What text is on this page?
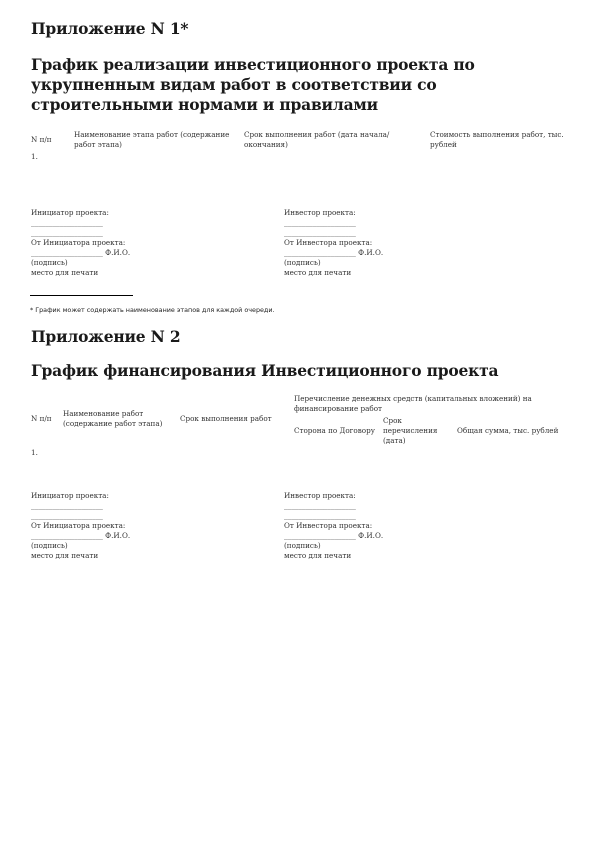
Приложение N 1*
График реализации инвестиционного проекта по укрупненным видам работ в соответствии со строительными нормами и правилами
N п/п
Наименование этапа работ (содержание работ этапа)
Срок выполнения работ (дата начала/окончания)
Стоимость выполнения работ, тыс. рублей
1.
Инициатор проекта:
____________________
____________________
От Инициатора проекта:
____________________ Ф.И.О.
(подпись)
место для печати
Инвестор проекта:
____________________
____________________
От Инвестора проекта:
____________________ Ф.И.О.
(подпись)
место для печати
* График может содержать наименование этапов для каждой очереди.
Приложение N 2
График финансирования Инвестиционного проекта
N п/п
Наименование работ (содержание работ этапа)
Срок выполнения работ
Перечисление денежных средств (капитальных вложений) на финансирование работ
Сторона по Договору
Срок перечисления (дата)
Общая сумма, тыс. рублей
1.
Инициатор проекта:
____________________
____________________
От Инициатора проекта:
____________________ Ф.И.О.
(подпись)
место для печати
Инвестор проекта:
____________________
____________________
От Инвестора проекта:
____________________ Ф.И.О.
(подпись)
место для печати
